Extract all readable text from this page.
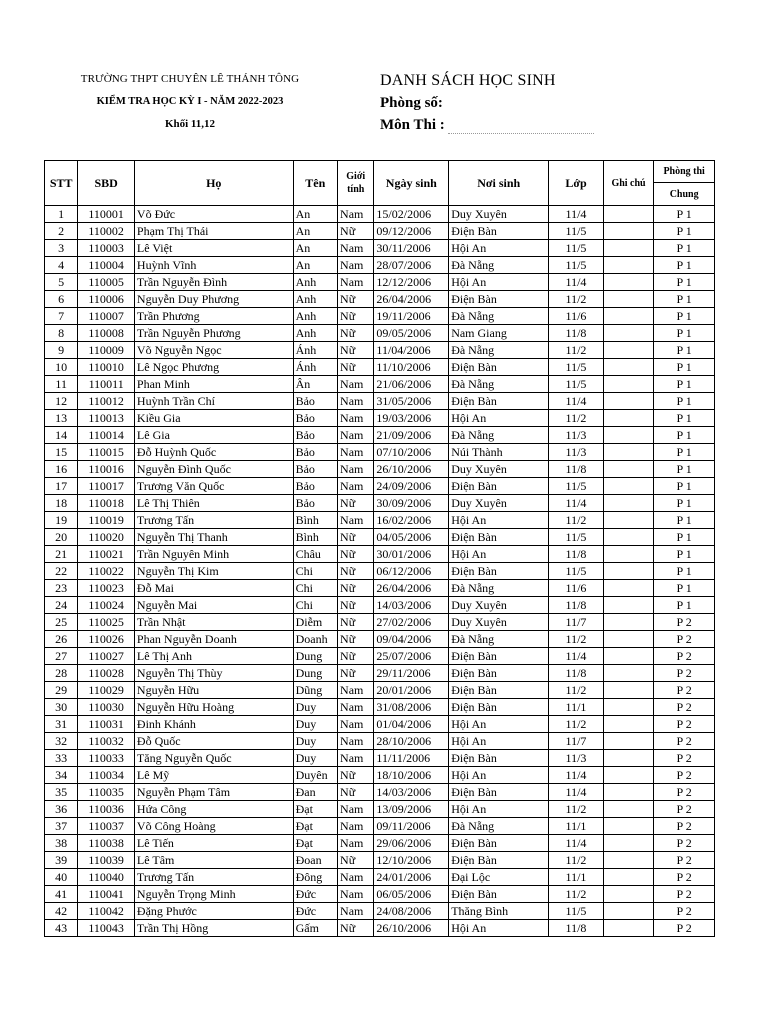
TRƯỜNG THPT CHUYÊN LÊ THÁNH TÔNG
KIỂM TRA HỌC KỲ I - NĂM 2022-2023
Khối 11,12
DANH SÁCH HỌC SINH
Phòng số:
Môn Thi :
STT	SBD	Họ	Tên	Giới tính	Ngày sinh	Nơi sinh	Lớp	Ghi chú	Phòng thi
									Chung
1	110001	Võ Đức	An	Nam	15/02/2006	Duy Xuyên	11/4		P 1
2	110002	Phạm Thị Thái	An	Nữ	09/12/2006	Điện Bàn	11/5		P 1
3	110003	Lê Việt	An	Nam	30/11/2006	Hội An	11/5		P 1
4	110004	Huỳnh Vĩnh	An	Nam	28/07/2006	Đà Nẵng	11/5		P 1
5	110005	Trần Nguyễn Đình	Anh	Nam	12/12/2006	Hội An	11/4		P 1
6	110006	Nguyễn Duy Phương	Anh	Nữ	26/04/2006	Điện Bàn	11/2		P 1
7	110007	Trần Phương	Anh	Nữ	19/11/2006	Đà Nẵng	11/6		P 1
8	110008	Trần Nguyễn Phương	Anh	Nữ	09/05/2006	Nam Giang	11/8		P 1
9	110009	Võ Nguyễn Ngọc	Ánh	Nữ	11/04/2006	Đà Nẵng	11/2		P 1
10	110010	Lê Ngọc Phương	Ánh	Nữ	11/10/2006	Điện Bàn	11/5		P 1
11	110011	Phan Minh	Ân	Nam	21/06/2006	Đà Nẵng	11/5		P 1
12	110012	Huỳnh Trần Chí	Bảo	Nam	31/05/2006	Điện Bàn	11/4		P 1
13	110013	Kiều Gia	Bảo	Nam	19/03/2006	Hội An	11/2		P 1
14	110014	Lê Gia	Bảo	Nam	21/09/2006	Đà Nẵng	11/3		P 1
15	110015	Đỗ Huỳnh Quốc	Bảo	Nam	07/10/2006	Núi Thành	11/3		P 1
16	110016	Nguyễn Đình Quốc	Bảo	Nam	26/10/2006	Duy Xuyên	11/8		P 1
17	110017	Trương Văn Quốc	Bảo	Nam	24/09/2006	Điện Bàn	11/5		P 1
18	110018	Lê Thị Thiên	Bảo	Nữ	30/09/2006	Duy Xuyên	11/4		P 1
19	110019	Trương Tấn	Bình	Nam	16/02/2006	Hội An	11/2		P 1
20	110020	Nguyễn Thị Thanh	Bình	Nữ	04/05/2006	Điện Bàn	11/5		P 1
21	110021	Trần Nguyên Minh	Châu	Nữ	30/01/2006	Hội An	11/8		P 1
22	110022	Nguyễn Thị Kim	Chi	Nữ	06/12/2006	Điện Bàn	11/5		P 1
23	110023	Đỗ Mai	Chi	Nữ	26/04/2006	Đà Nẵng	11/6		P 1
24	110024	Nguyễn Mai	Chi	Nữ	14/03/2006	Duy Xuyên	11/8		P 1
25	110025	Trần Nhật	Diễm	Nữ	27/02/2006	Duy Xuyên	11/7		P 2
26	110026	Phan Nguyễn Doanh	Doanh	Nữ	09/04/2006	Đà Nẵng	11/2		P 2
27	110027	Lê Thị Anh	Dung	Nữ	25/07/2006	Điện Bàn	11/4		P 2
28	110028	Nguyễn Thị Thùy	Dung	Nữ	29/11/2006	Điện Bàn	11/8		P 2
29	110029	Nguyễn Hữu	Dũng	Nam	20/01/2006	Điện Bàn	11/2		P 2
30	110030	Nguyễn Hữu Hoàng	Duy	Nam	31/08/2006	Điện Bàn	11/1		P 2
31	110031	Đinh Khánh	Duy	Nam	01/04/2006	Hội An	11/2		P 2
32	110032	Đỗ Quốc	Duy	Nam	28/10/2006	Hội An	11/7		P 2
33	110033	Tăng Nguyễn Quốc	Duy	Nam	11/11/2006	Điện Bàn	11/3		P 2
34	110034	Lê Mỹ	Duyên	Nữ	18/10/2006	Hội An	11/4		P 2
35	110035	Nguyễn Phạm Tâm	Đan	Nữ	14/03/2006	Điện Bàn	11/4		P 2
36	110036	Hứa Công	Đạt	Nam	13/09/2006	Hội An	11/2		P 2
37	110037	Võ Công Hoàng	Đạt	Nam	09/11/2006	Đà Nẵng	11/1		P 2
38	110038	Lê Tiến	Đạt	Nam	29/06/2006	Điện Bàn	11/4		P 2
39	110039	Lê Tâm	Đoan	Nữ	12/10/2006	Điện Bàn	11/2		P 2
40	110040	Trương Tấn	Đông	Nam	24/01/2006	Đại Lộc	11/1		P 2
41	110041	Nguyễn Trọng Minh	Đức	Nam	06/05/2006	Điện Bàn	11/2		P 2
42	110042	Đặng Phước	Đức	Nam	24/08/2006	Thăng Bình	11/5		P 2
43	110043	Trần Thị Hồng	Gấm	Nữ	26/10/2006	Hội An	11/8		P 2
